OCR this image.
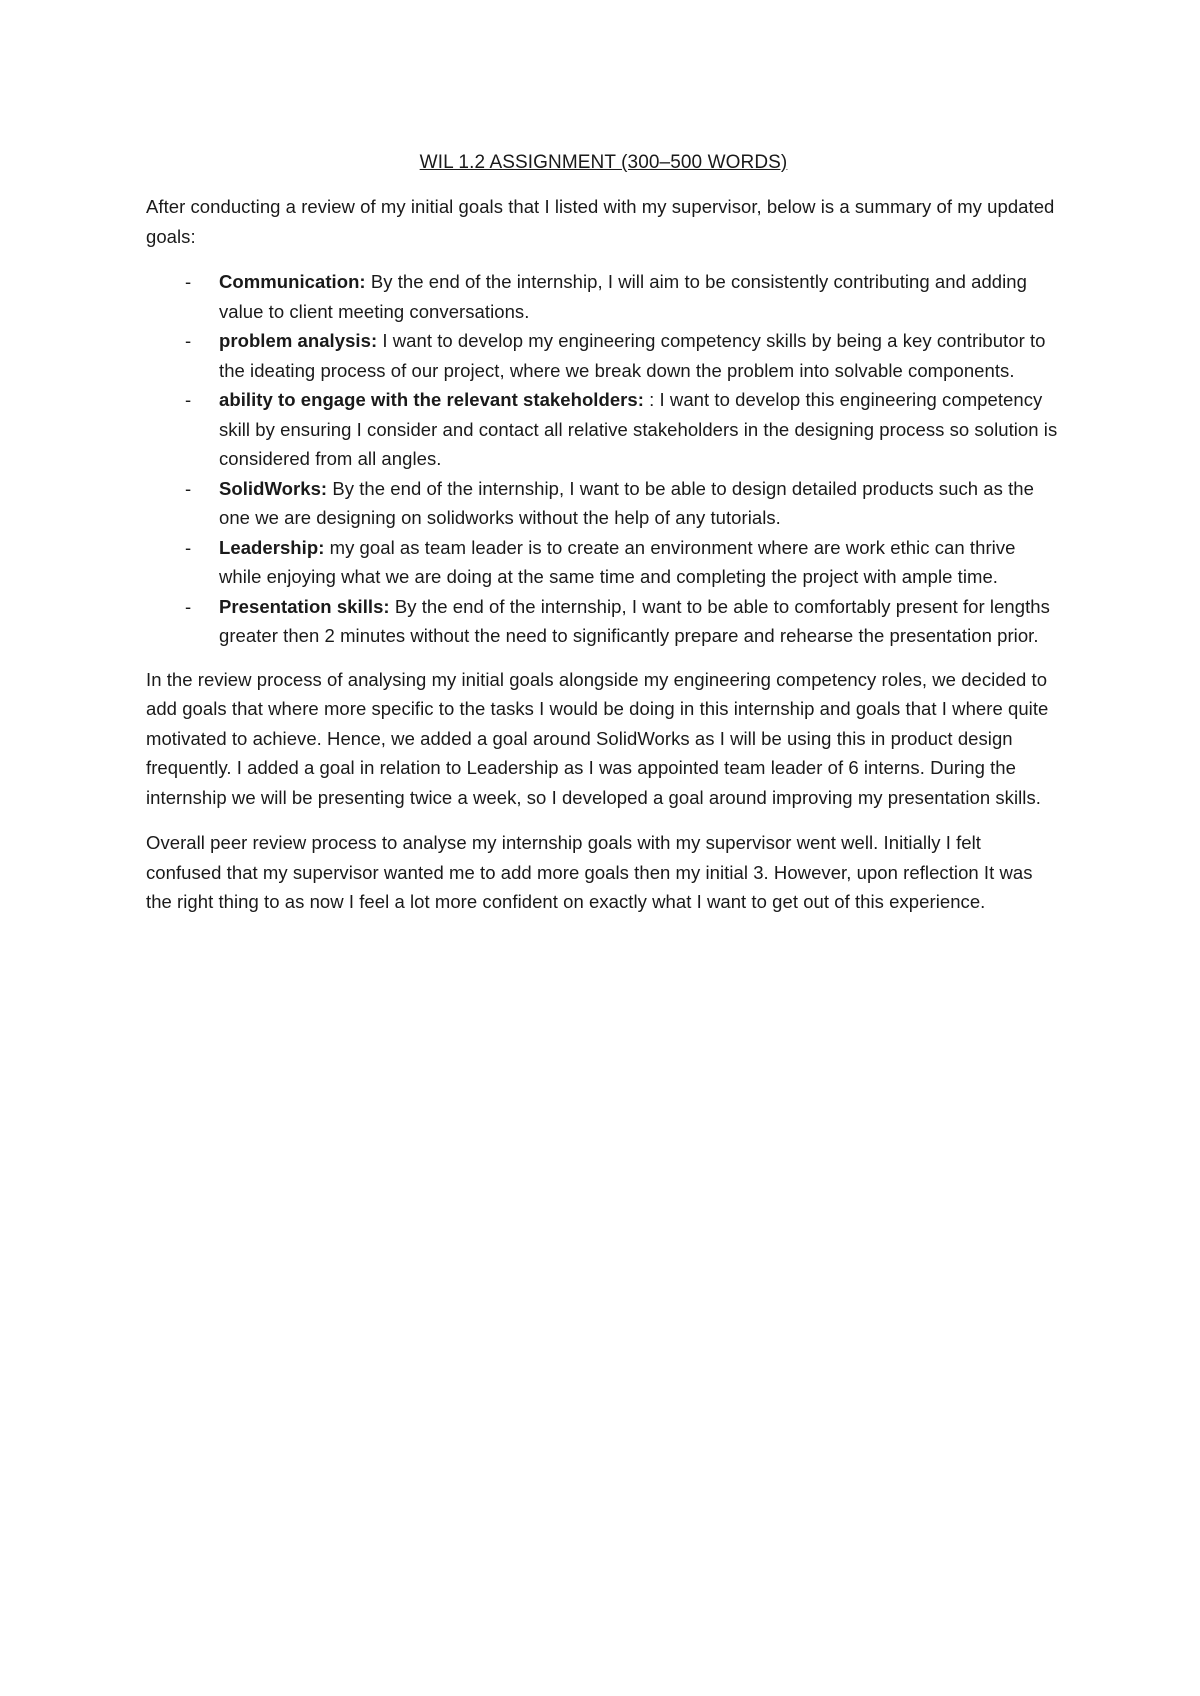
WIL 1.2 ASSIGNMENT (300–500 WORDS)

After conducting a review of my initial goals that I listed with my supervisor, below is a summary of my updated goals:

- Communication: By the end of the internship, I will aim to be consistently contributing and adding value to client meeting conversations.
- problem analysis: I want to develop my engineering competency skills by being a key contributor to the ideating process of our project, where we break down the problem into solvable components.
- ability to engage with the relevant stakeholders: : I want to develop this engineering competency skill by ensuring I consider and contact all relative stakeholders in the designing process so solution is considered from all angles.
- SolidWorks: By the end of the internship, I want to be able to design detailed products such as the one we are designing on solidworks without the help of any tutorials.
- Leadership: my goal as team leader is to create an environment where are work ethic can thrive while enjoying what we are doing at the same time and completing the project with ample time.
- Presentation skills: By the end of the internship, I want to be able to comfortably present for lengths greater then 2 minutes without the need to significantly prepare and rehearse the presentation prior.

In the review process of analysing my initial goals alongside my engineering competency roles, we decided to add goals that where more specific to the tasks I would be doing in this internship and goals that I where quite motivated to achieve. Hence, we added a goal around SolidWorks as I will be using this in product design frequently. I added a goal in relation to Leadership as I was appointed team leader of 6 interns. During the internship we will be presenting twice a week, so I developed a goal around improving my presentation skills.

Overall peer review process to analyse my internship goals with my supervisor went well. Initially I felt confused that my supervisor wanted me to add more goals then my initial 3. However, upon reflection It was the right thing to as now I feel a lot more confident on exactly what I want to get out of this experience.
